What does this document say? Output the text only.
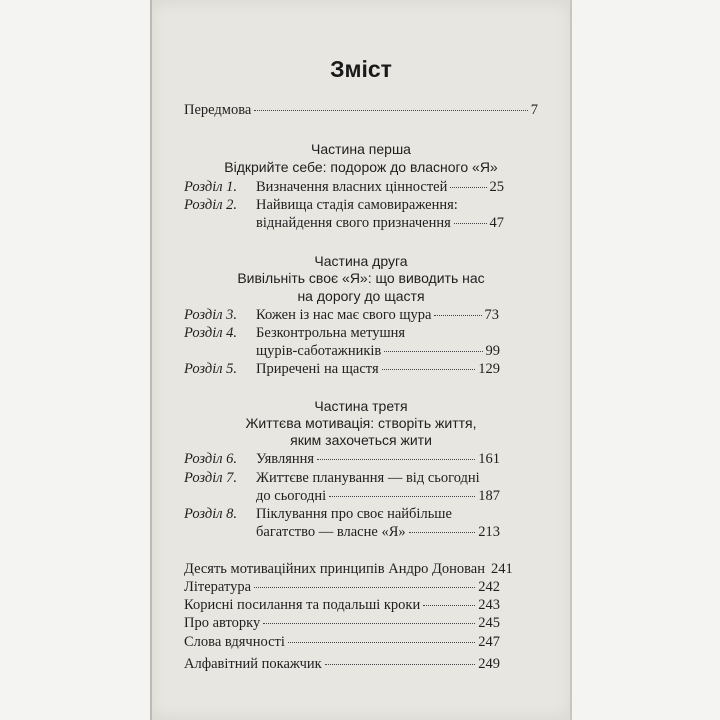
Зміст
Передмова	7
Частина перша
Відкрийте себе: подорож до власного «Я»
Розділ 1. Визначення власних цінностей	25
Розділ 2. Найвища стадія самовираження:
віднайдення свого призначення	47
Частина друга
Вивільніть своє «Я»: що виводить нас
на дорогу до щастя
Розділ 3. Кожен із нас має свого щура	73
Розділ 4. Безконтрольна метушня
щурів-саботажників	99
Розділ 5. Приречені на щастя	129
Частина третя
Життєва мотивація: створіть життя,
яким захочеться жити
Розділ 6. Уявляння	161
Розділ 7. Життєве планування — від сьогодні
до сьогодні	187
Розділ 8. Піклування про своє найбільше
багатство — власне «Я»	213
Десять мотиваційних принципів Андро Донован 241
Література	242
Корисні посилання та подальші кроки	243
Про авторку	245
Слова вдячності	247
Алфавітний покажчик	249
